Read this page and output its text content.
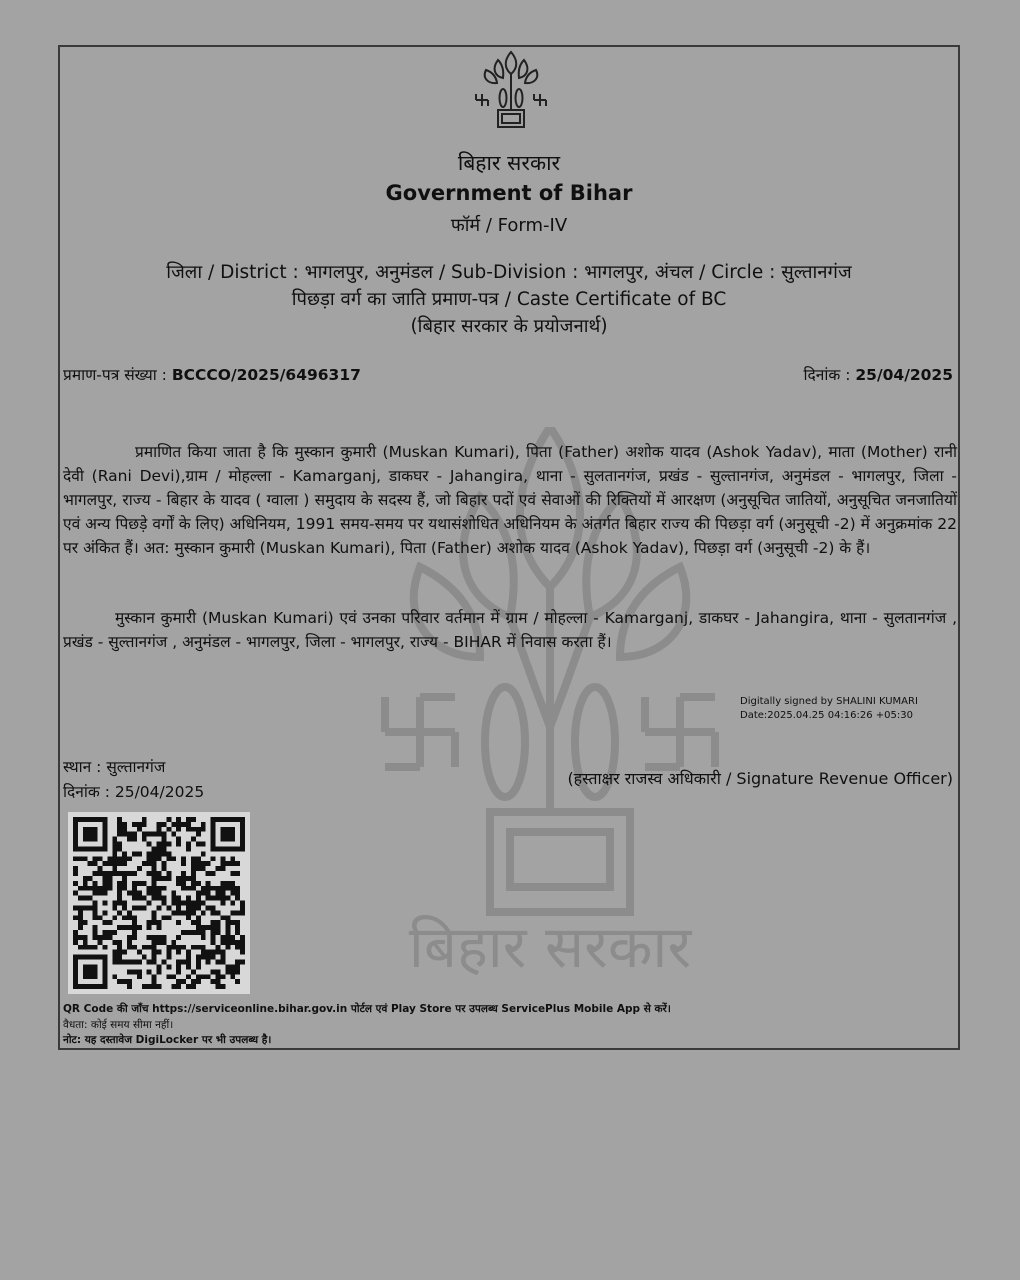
बिहार सरकार
बिहार सरकार
Government of Bihar
फॉर्म / Form-IV
जिला / District : भागलपुर, अनुमंडल / Sub-Division : भागलपुर, अंचल / Circle : सुल्तानगंज
पिछड़ा वर्ग का जाति प्रमाण-पत्र / Caste Certificate of BC
(बिहार सरकार के प्रयोजनार्थ)
प्रमाण-पत्र संख्या : BCCCO/2025/6496317	दिनांक : 25/04/2025
प्रमाणित किया जाता है कि मुस्कान कुमारी (Muskan Kumari), पिता (Father) अशोक यादव (Ashok Yadav), माता (Mother) रानी देवी (Rani Devi),ग्राम / मोहल्ला - Kamarganj, डाकघर - Jahangira, थाना - सुलतानगंज, प्रखंड - सुल्तानगंज, अनुमंडल - भागलपुर, जिला - भागलपुर, राज्य - बिहार के यादव ( ग्वाला ) समुदाय के सदस्य हैं, जो बिहार पदों एवं सेवाओं की रिक्तियों में आरक्षण (अनुसूचित जातियों, अनुसूचित जनजातियों एवं अन्य पिछड़े वर्गों के लिए) अधिनियम, 1991 समय-समय पर यथासंशोधित अधिनियम के अंतर्गत बिहार राज्य की पिछड़ा वर्ग (अनुसूची -2) में अनुक्रमांक 22 पर अंकित हैं। अत: मुस्कान कुमारी (Muskan Kumari), पिता (Father) अशोक यादव (Ashok Yadav), पिछड़ा वर्ग (अनुसूची -2) के हैं।
मुस्कान कुमारी (Muskan Kumari) एवं उनका परिवार वर्तमान में ग्राम / मोहल्ला - Kamarganj, डाकघर - Jahangira, थाना - सुलतानगंज , प्रखंड - सुल्तानगंज , अनुमंडल - भागलपुर, जिला - भागलपुर, राज्य - BIHAR में निवास करता हैं।
Digitally signed by SHALINI KUMARI
Date:2025.04.25 04:16:26 +05:30
स्थान : सुल्तानगंज
दिनांक : 25/04/2025
(हस्ताक्षर राजस्व अधिकारी / Signature Revenue Officer)
QR Code की जाँच https://serviceonline.bihar.gov.in पोर्टल एवं Play Store पर उपलब्ध ServicePlus Mobile App से करें।
वैधता: कोई समय सीमा नहीं।
नोट: यह दस्तावेज DigiLocker पर भी उपलब्ध है।
